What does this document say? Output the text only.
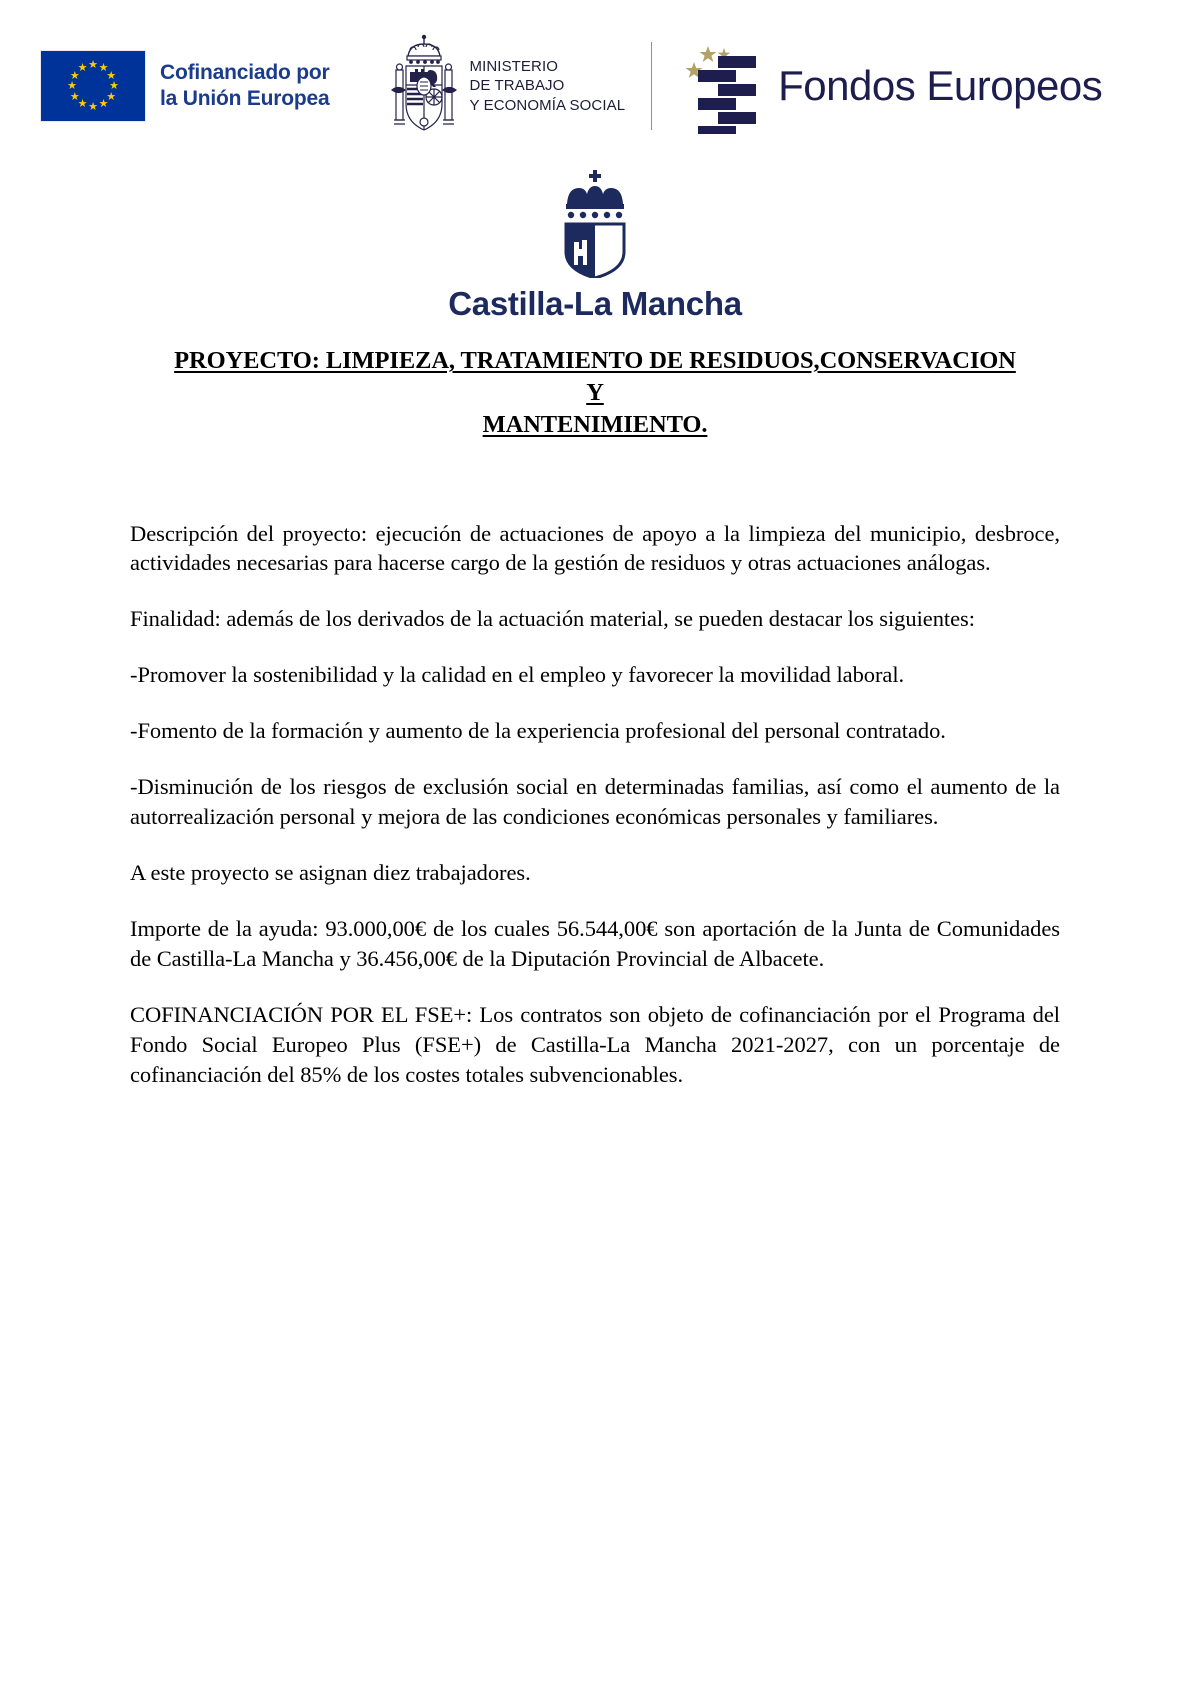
Cofinanciado por
la Unión Europea
MINISTERIO
DE TRABAJO
Y ECONOMÍA SOCIAL	Fondos Europeos
Castilla-La Mancha
PROYECTO: LIMPIEZA, TRATAMIENTO DE RESIDUOS,CONSERVACION Y
MANTENIMIENTO.

Descripción del proyecto: ejecución de actuaciones de apoyo a la limpieza del municipio, desbroce, actividades necesarias para hacerse cargo de la gestión de residuos y otras actuaciones análogas.

Finalidad: además de los derivados de la actuación material, se pueden destacar los siguientes:

-Promover la sostenibilidad y la calidad en el empleo y favorecer la movilidad laboral.

-Fomento de la formación y aumento de la experiencia profesional del personal contratado.

-Disminución de los riesgos de exclusión social en determinadas familias, así como el aumento de la autorrealización personal y mejora de las condiciones económicas personales y familiares.

A este proyecto se asignan diez trabajadores.

Importe de la ayuda: 93.000,00€ de los cuales 56.544,00€ son aportación de la Junta de Comunidades de Castilla-La Mancha y 36.456,00€ de la Diputación Provincial de Albacete.

COFINANCIACIÓN POR EL FSE+: Los contratos son objeto de cofinanciación por el Programa del Fondo Social Europeo Plus (FSE+) de Castilla-La Mancha 2021-2027, con un porcentaje de cofinanciación del 85% de los costes totales subvencionables.
